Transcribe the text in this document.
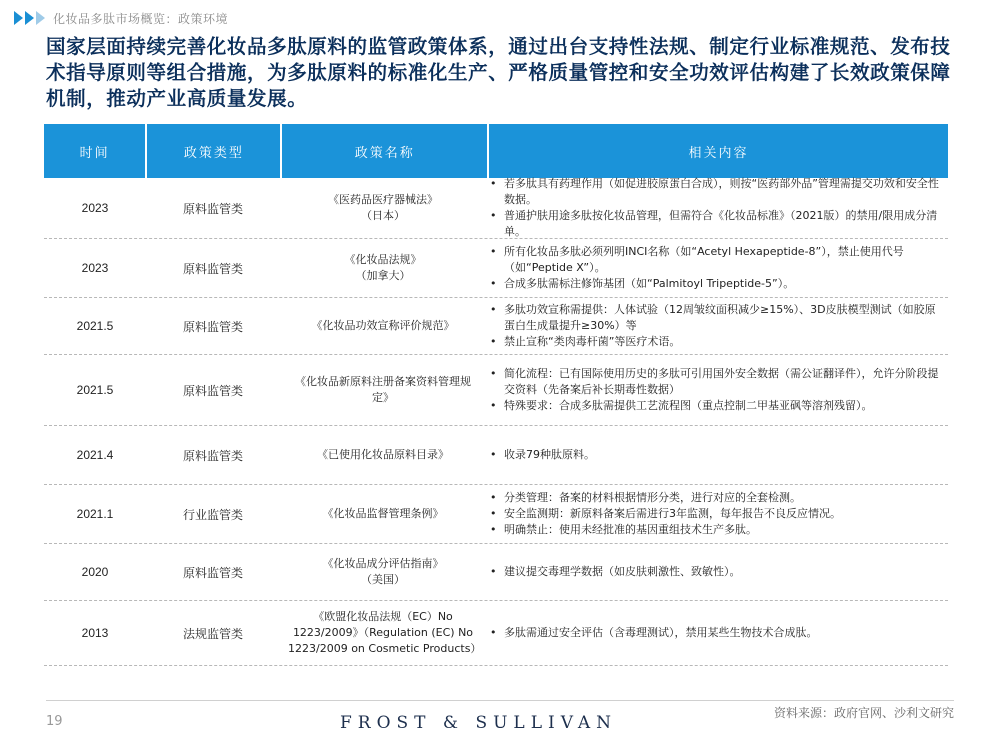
化妆品多肽市场概览：政策环境
国家层面持续完善化妆品多肽原料的监管政策体系，通过出台支持性法规、制定行业标准规范、发布技术指导原则等组合措施，为多肽原料的标准化生产、严格质量管控和安全功效评估构建了长效政策保障机制，推动产业高质量发展。
时间	政策类型	政策名称	相关内容
2023	原料监管类
《医药品医疗器械法》
（日本）
• 若多肽具有药理作用（如促进胶原蛋白合成），则按“医药部外品”管理需提交功效和安全性数据。
• 普通护肤用途多肽按化妆品管理，但需符合《化妆品标准》（2021版）的禁用/限用成分清单。
2023	原料监管类
《化妆品法规》
（加拿大）
• 所有化妆品多肽必须列明INCI名称（如“Acetyl Hexapeptide-8”），禁止使用代号（如“Peptide X”）。
• 合成多肽需标注修饰基团（如“Palmitoyl Tripeptide-5”）。
2021.5	原料监管类	《化妆品功效宣称评价规范》
• 多肽功效宣称需提供：人体试验（12周皱纹面积减少≥15%）、3D皮肤模型测试（如胶原蛋白生成量提升≥30%）等
• 禁止宣称“类肉毒杆菌”等医疗术语。
2021.5	原料监管类
《化妆品新原料注册备案资料管理规定》
• 简化流程：已有国际使用历史的多肽可引用国外安全数据（需公证翻译件），允许分阶段提交资料（先备案后补长期毒性数据）
• 特殊要求：合成多肽需提供工艺流程图（重点控制二甲基亚砜等溶剂残留）。
2021.4	原料监管类	《已使用化妆品原料目录》
•	收录79种肽原料。
2021.1	行业监管类	《化妆品监督管理条例》
• 分类管理：备案的材料根据情形分类，进行对应的全套检测。
• 安全监测期：新原料备案后需进行3年监测，每年报告不良反应情况。
• 明确禁止：使用未经批准的基因重组技术生产多肽。
2020	原料监管类
《化妆品成分评估指南》
（美国）
• 建议提交毒理学数据（如皮肤刺激性、致敏性）。
2013	法规监管类
《欧盟化妆品法规（EC）No 1223/2009》（Regulation (EC) No 1223/2009 on Cosmetic Products）
• 多肽需通过安全评估（含毒理测试），禁用某些生物技术合成肽。
19	FROST & SULLIVAN	资料来源：政府官网、沙利文研究
